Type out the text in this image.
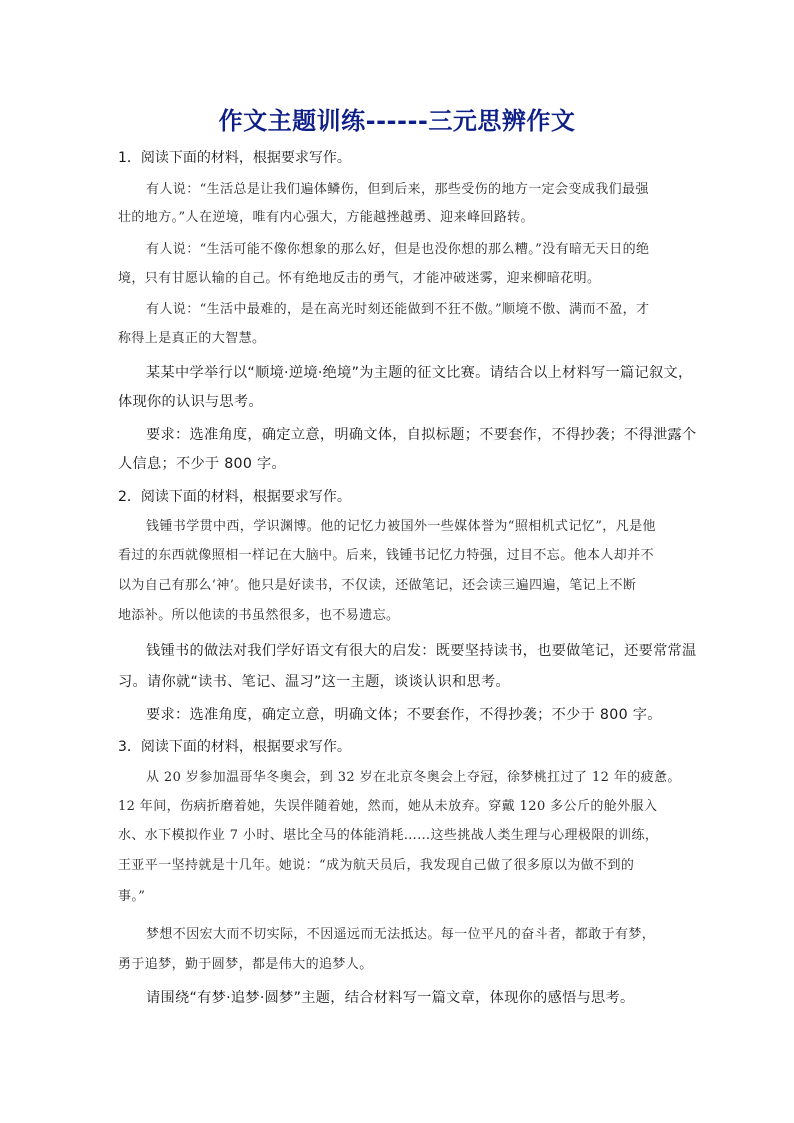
作文主题训练------三元思辨作文
1．阅读下面的材料，根据要求写作。
有人说：“生活总是让我们遍体鳞伤，但到后来，那些受伤的地方一定会变成我们最强
壮的地方。”人在逆境，唯有内心强大，方能越挫越勇、迎来峰回路转。
有人说：“生活可能不像你想象的那么好，但是也没你想的那么糟。”没有暗无天日的绝
境，只有甘愿认输的自己。怀有绝地反击的勇气，才能冲破迷雾，迎来柳暗花明。
有人说：“生活中最难的，是在高光时刻还能做到不狂不傲。”顺境不傲、满而不盈，才
称得上是真正的大智慧。
某某中学举行以“顺境·逆境·绝境”为主题的征文比赛。请结合以上材料写一篇记叙文，
体现你的认识与思考。
要求：选准角度，确定立意，明确文体，自拟标题；不要套作，不得抄袭；不得泄露个
人信息；不少于 800 字。
2．阅读下面的材料，根据要求写作。
钱锺书学贯中西，学识渊博。他的记忆力被国外一些媒体誉为“照相机式记忆”，凡是他
看过的东西就像照相一样记在大脑中。后来，钱锺书记忆力特强，过目不忘。他本人却并不
以为自己有那么‘神’。他只是好读书，不仅读，还做笔记，还会读三遍四遍，笔记上不断
地添补。所以他读的书虽然很多，也不易遗忘。
钱锺书的做法对我们学好语文有很大的启发：既要坚持读书，也要做笔记，还要常常温
习。请你就“读书、笔记、温习”这一主题，谈谈认识和思考。
要求：选准角度，确定立意，明确文体；不要套作，不得抄袭；不少于 800 字。
3．阅读下面的材料，根据要求写作。
从 20 岁参加温哥华冬奥会，到 32 岁在北京冬奥会上夺冠，徐梦桃扛过了 12 年的疲惫。
12 年间，伤病折磨着她，失误伴随着她，然而，她从未放弃。穿戴 120 多公斤的舱外服入
水、水下模拟作业 7 小时、堪比全马的体能消耗……这些挑战人类生理与心理极限的训练，
王亚平一坚持就是十几年。她说：“成为航天员后，我发现自己做了很多原以为做不到的
事。”
梦想不因宏大而不切实际，不因遥远而无法抵达。每一位平凡的奋斗者，都敢于有梦，
勇于追梦，勤于圆梦，都是伟大的追梦人。
请围绕“有梦·追梦·圆梦”主题，结合材料写一篇文章，体现你的感悟与思考。
